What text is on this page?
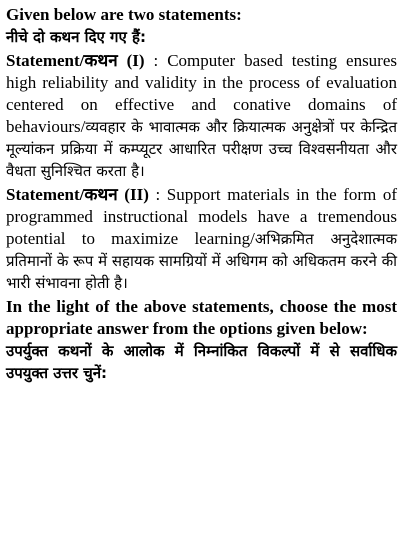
Given below are two statements:
नीचे दो कथन दिए गए हैं:

Statement/कथन (I) : Computer based testing ensures high reliability and validity in the process of evaluation centered on effective and conative domains of behaviours/व्यवहार के भावात्मक और क्रियात्मक अनुक्षेत्रों पर केन्द्रित मूल्यांकन प्रक्रिया में कम्प्यूटर आधारित परीक्षण उच्च विश्वसनीयता और वैधता सुनिश्चित करता है।

Statement/कथन (II) : Support materials in the form of programmed instructional models have a tremendous potential to maximize learning/अभिक्रमित अनुदेशात्मक प्रतिमानों के रूप में सहायक सामग्रियों में अधिगम को अधिकतम करने की भारी संभावना होती है।

In the light of the above statements, choose the most appropriate answer from the options given below:

उपर्युक्त कथनों के आलोक में निम्नांकित विकल्पों में से सर्वाधिक उपयुक्त उत्तर चुनें:
